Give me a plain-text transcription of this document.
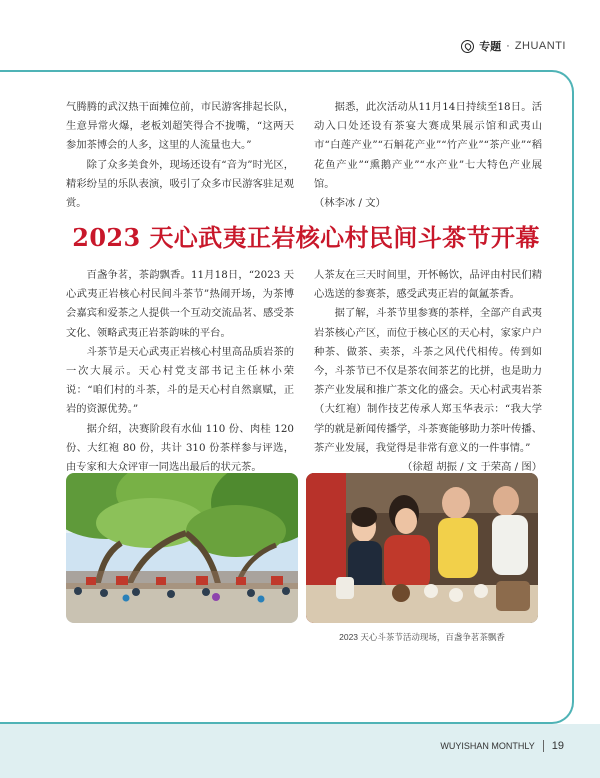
专题 · ZHUANTI

气腾腾的武汉热干面摊位前，市民游客排起长队，生意异常火爆，老板刘超笑得合不拢嘴，“这两天参加茶博会的人多，这里的人流量也大。”

除了众多美食外，现场还设有“音为”时光区，精彩纷呈的乐队表演，吸引了众多市民游客驻足观赏。

据悉，此次活动从11月14日持续至18日。活动入口处还设有茶宴大赛成果展示馆和武夷山市“白莲产业”“石斛花产业”“竹产业”“茶产业”“稻花鱼产业”“熏鹅产业”“水产业”七大特色产业展馆。

（林李冰 / 文）

2023 天心武夷正岩核心村民间斗茶节开幕

百盏争茗，茶韵飘香。11月18日，“2023 天心武夷正岩核心村民间斗茶节”热闹开场，为茶博会嘉宾和爱茶之人提供一个互动交流品茗、感受茶文化、领略武夷正岩茶韵味的平台。

斗茶节是天心武夷正岩核心村里高品质岩茶的一次大展示。天心村党支部书记主任林小荣说：“咱们村的斗茶，斗的是天心村自然禀赋，正岩的资源优势。”

据介绍，决赛阶段有水仙 110 份、肉桂 120 份、大红袍 80 份，共计 310 份茶样参与评选，由专家和大众评审一同选出最后的状元茶。

人茶友在三天时间里，开怀畅饮，品评由村民们精心选送的参赛茶，感受武夷正岩的氤氲茶香。

据了解，斗茶节里参赛的茶样，全部产自武夷岩茶核心产区，而位于核心区的天心村，家家户户种茶、做茶、卖茶，斗茶之风代代相传。传到如今，斗茶节已不仅是茶农间茶艺的比拼，也是助力茶产业发展和推广茶文化的盛会。天心村武夷岩茶（大红袍）制作技艺传承人郑玉华表示：“我大学学的就是新闻传播学，斗茶赛能够助力茶叶传播、茶产业发展，我觉得是非常有意义的一件事情。”

（徐超 胡振 / 文 于荣高 / 图）

2023 天心斗茶节活动现场，百盏争茗茶飘香
WUYISHAN MONTHLY 19
